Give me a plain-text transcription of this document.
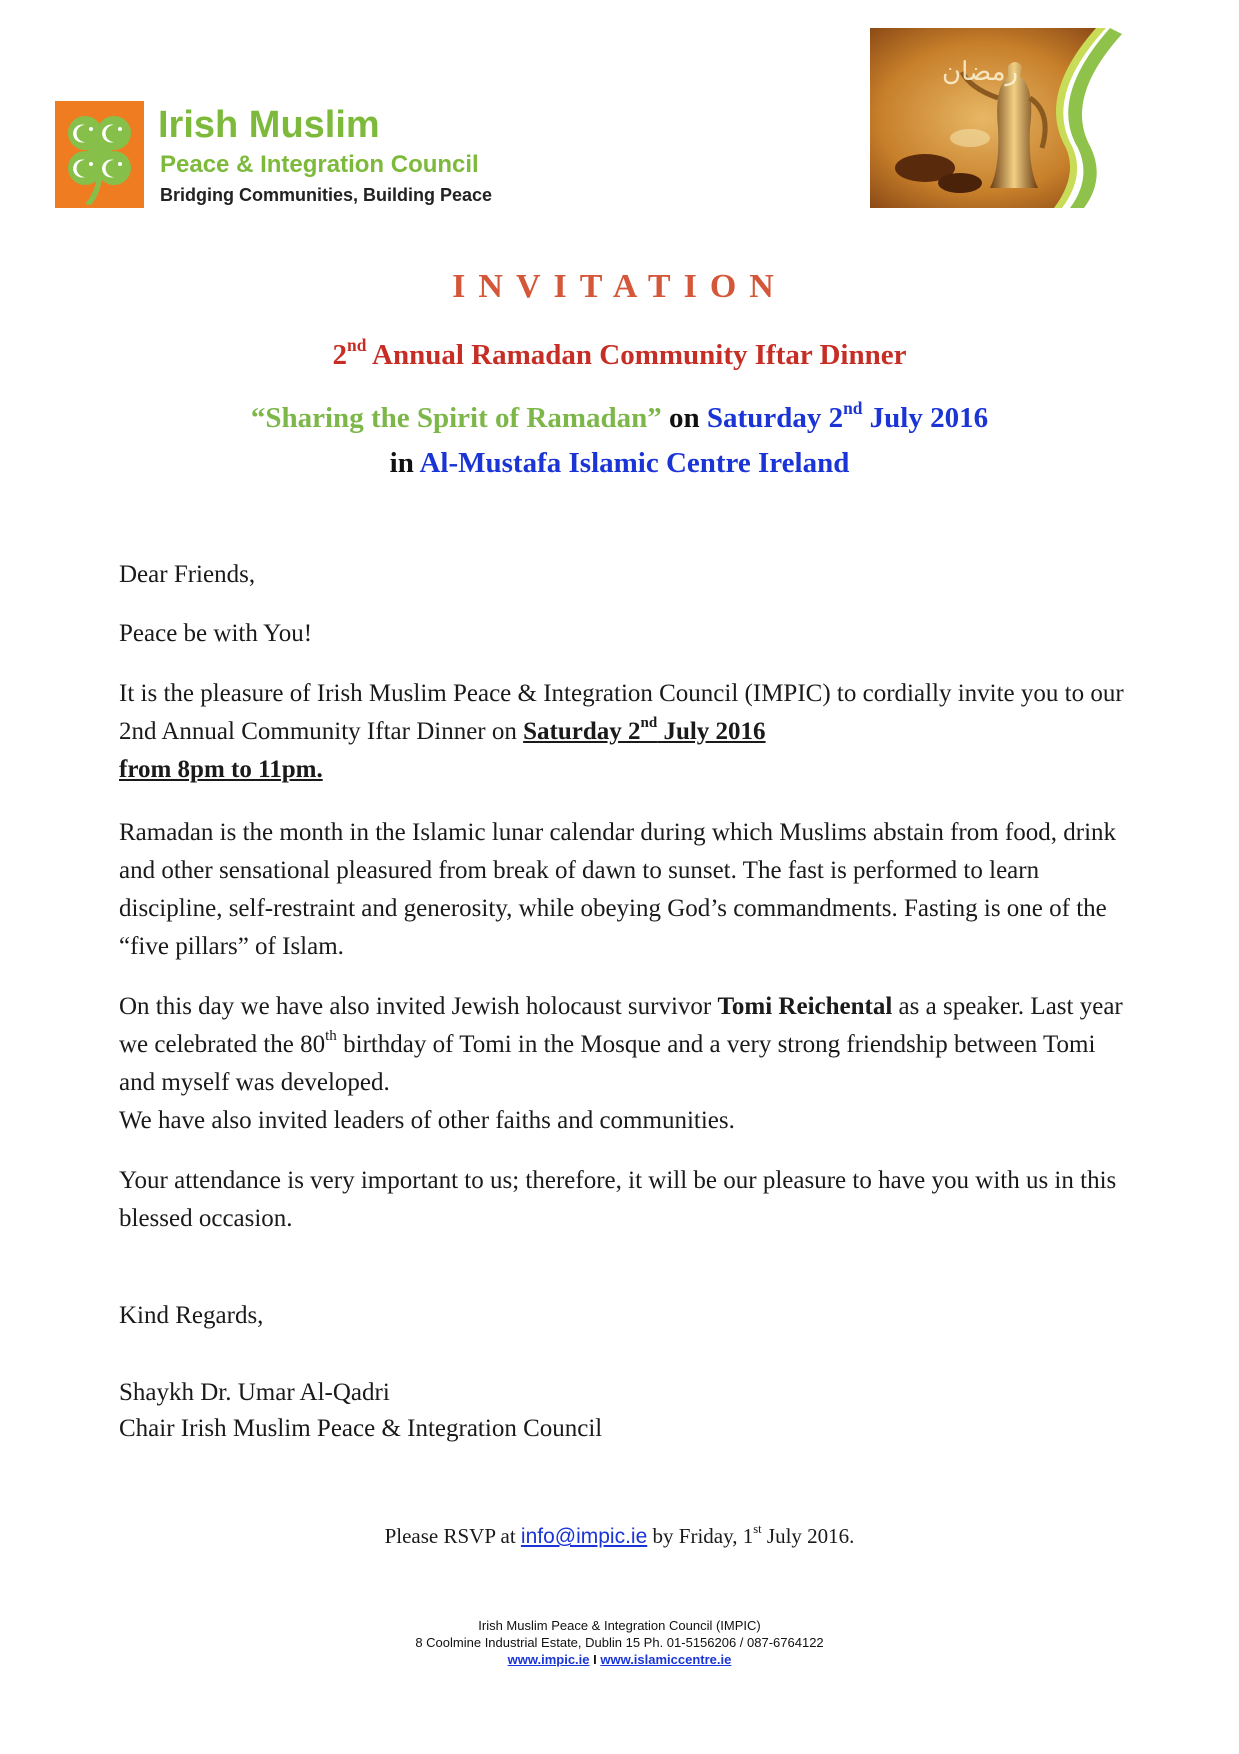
Irish Muslim
Peace & Integration Council
Bridging Communities, Building Peace
رمضان
INVITATION
2nd Annual Ramadan Community Iftar Dinner
“Sharing the Spirit of Ramadan” on Saturday 2nd July 2016
in Al-Mustafa Islamic Centre Ireland
Dear Friends,
Peace be with You!
It is the pleasure of Irish Muslim Peace & Integration Council (IMPIC) to cordially invite you to our 2nd Annual Community Iftar Dinner on Saturday 2nd July 2016
from 8pm to 11pm.
Ramadan is the month in the Islamic lunar calendar during which Muslims abstain from food, drink and other sensational pleasured from break of dawn to sunset. The fast is performed to learn discipline, self-restraint and generosity, while obeying God’s commandments. Fasting is one of the “five pillars” of Islam.
On this day we have also invited Jewish holocaust survivor Tomi Reichental as a speaker. Last year we celebrated the 80th birthday of Tomi in the Mosque and a very strong friendship between Tomi and myself was developed.
We have also invited leaders of other faiths and communities.
Your attendance is very important to us; therefore, it will be our pleasure to have you with us in this blessed occasion.
Kind Regards,
Shaykh Dr. Umar Al-Qadri
Chair Irish Muslim Peace & Integration Council
Please RSVP at info@impic.ie by Friday, 1st July 2016.
Irish Muslim Peace & Integration Council (IMPIC)
8 Coolmine Industrial Estate, Dublin 15 Ph. 01-5156206 / 087-6764122
www.impic.ie I www.islamiccentre.ie
